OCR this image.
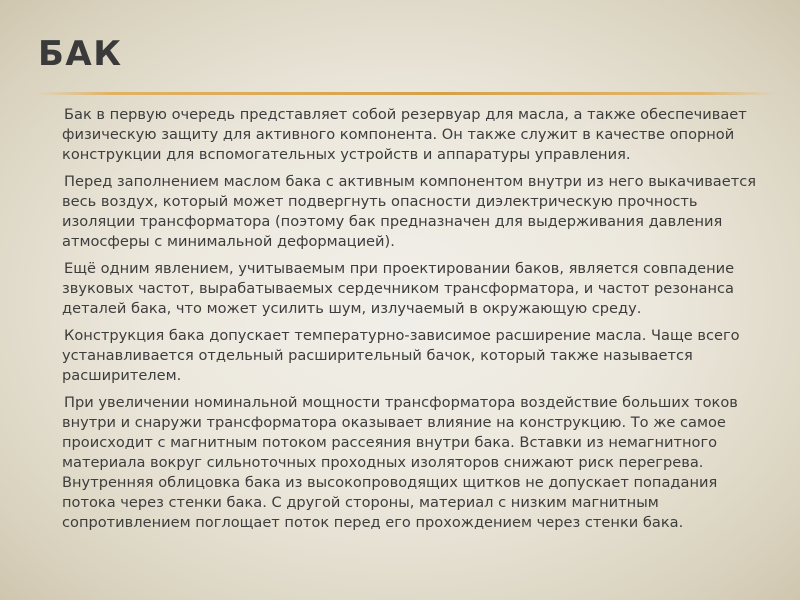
БАК

Бак в первую очередь представляет собой резервуар для масла, а также обеспечивает физическую защиту для активного компонента. Он также служит в качестве опорной конструкции для вспомогательных устройств и аппаратуры управления.

Перед заполнением маслом бака с активным компонентом внутри из него выкачивается весь воздух, который может подвергнуть опасности диэлектрическую прочность изоляции трансформатора (поэтому бак предназначен для выдерживания давления атмосферы с минимальной деформацией).

Ещё одним явлением, учитываемым при проектировании баков, является совпадение звуковых частот, вырабатываемых сердечником трансформатора, и частот резонанса деталей бака, что может усилить шум, излучаемый в окружающую среду.

Конструкция бака допускает температурно-зависимое расширение масла. Чаще всего устанавливается отдельный расширительный бачок, который также называется расширителем.

При увеличении номинальной мощности трансформатора воздействие больших токов внутри и снаружи трансформатора оказывает влияние на конструкцию. То же самое происходит с магнитным потоком рассеяния внутри бака. Вставки из немагнитного материала вокруг сильноточных проходных изоляторов снижают риск перегрева. Внутренняя облицовка бака из высокопроводящих щитков не допускает попадания потока через стенки бака. С другой стороны, материал с низким магнитным сопротивлением поглощает поток перед его прохождением через стенки бака.
